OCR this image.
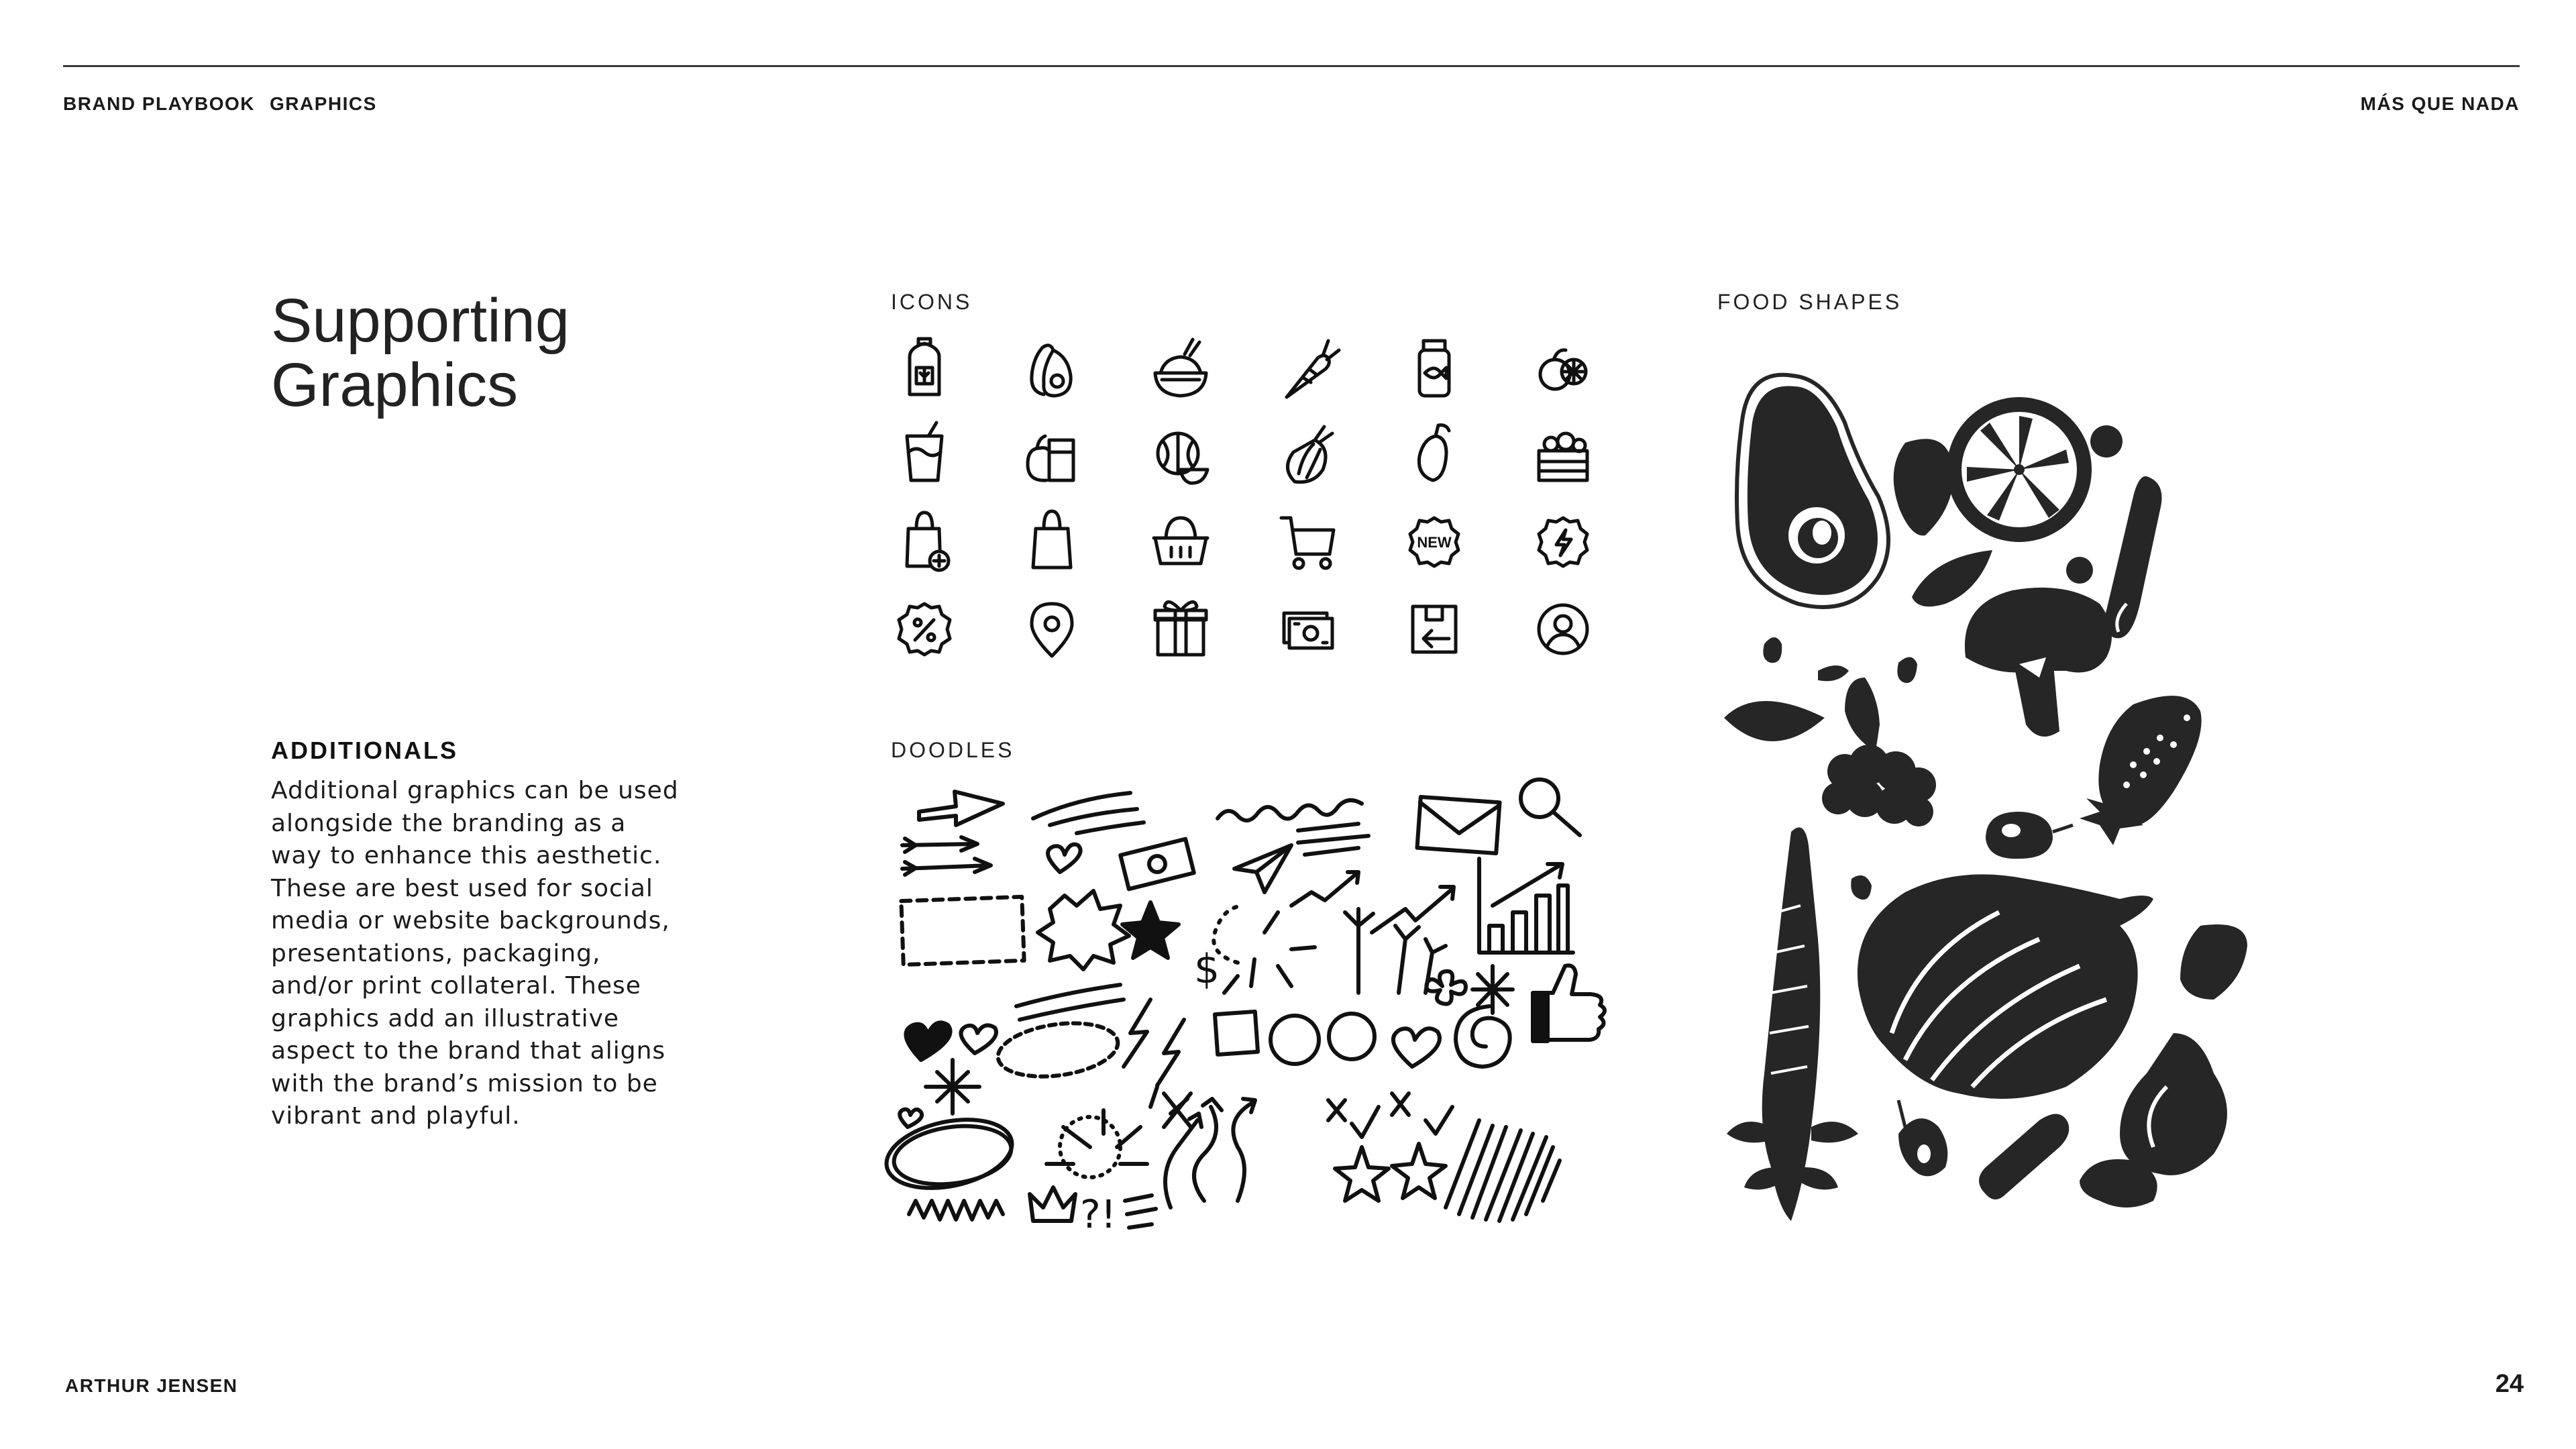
BRAND PLAYBOOK GRAPHICS	MÁS QUE NADA
Supporting
Graphics
ICONS
DOODLES
FOOD SHAPES
ADDITIONALS
Additional graphics can be used
alongside the branding as a
way to enhance this aesthetic.
These are best used for social
media or website backgrounds,
presentations, packaging,
and/or print collateral. These
graphics add an illustrative
aspect to the brand that aligns
with the brand’s mission to be
vibrant and playful.
NEW
$
?!
ARTHUR JENSEN	24
